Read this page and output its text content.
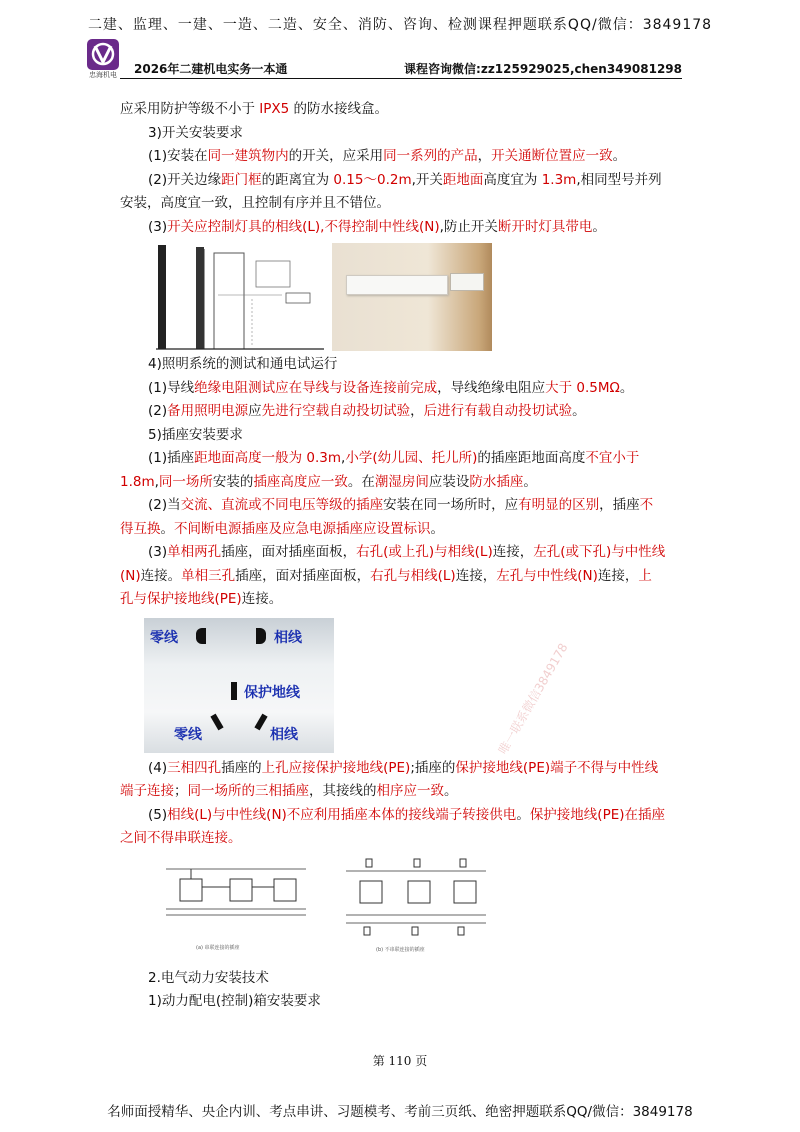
二建、监理、一建、一造、二造、安全、消防、咨询、检测课程押题联系QQ/微信：3849178
忠海机电	2026年二建机电实务一本通	课程咨询微信:zz125929025,chen349081298

应采用防护等级不小于 IPX5 的防水接线盒。

3)开关安装要求

(1)安装在同一建筑物内的开关，应采用同一系列的产品，开关通断位置应一致。

(2)开关边缘距门框的距离宜为 0.15～0.2m,开关距地面高度宜为 1.3m,相同型号并列

安装，高度宜一致，且控制有序并且不错位。

(3)开关应控制灯具的相线(L),不得控制中性线(N),防止开关断开时灯具带电。

4)照明系统的测试和通电试运行

(1)导线绝缘电阻测试应在导线与设备连接前完成，导线绝缘电阻应大于 0.5MΩ。

(2)备用照明电源应先进行空载自动投切试验，后进行有载自动投切试验。

5)插座安装要求

(1)插座距地面高度一般为 0.3m,小学(幼儿园、托儿所)的插座距地面高度不宜小于

1.8m,同一场所安装的插座高度应一致。在潮湿房间应装设防水插座。

(2)当交流、直流或不同电压等级的插座安装在同一场所时，应有明显的区别，插座不

得互换。不间断电源插座及应急电源插座应设置标识。

(3)单相两孔插座，面对插座面板，右孔(或上孔)与相线(L)连接，左孔(或下孔)与中性线

(N)连接。单相三孔插座，面对插座面板，右孔与相线(L)连接，左孔与中性线(N)连接，上

孔与保护接地线(PE)连接。

零线	相线
保护地线
零线	相线

(4)三相四孔插座的上孔应接保护接地线(PE);插座的保护接地线(PE)端子不得与中性线

端子连接；同一场所的三相插座，其接线的相序应一致。

(5)相线(L)与中性线(N)不应利用插座本体的接线端子转接供电。保护接地线(PE)在插座

之间不得串联连接。

(a) 串联连接的插座	(b) 不串联连接的插座

2.电气动力安装技术

1)动力配电(控制)箱安装要求

唯一联系微信3849178
第 110 页
名师面授精华、央企内训、考点串讲、习题模考、考前三页纸、绝密押题联系QQ/微信：3849178
